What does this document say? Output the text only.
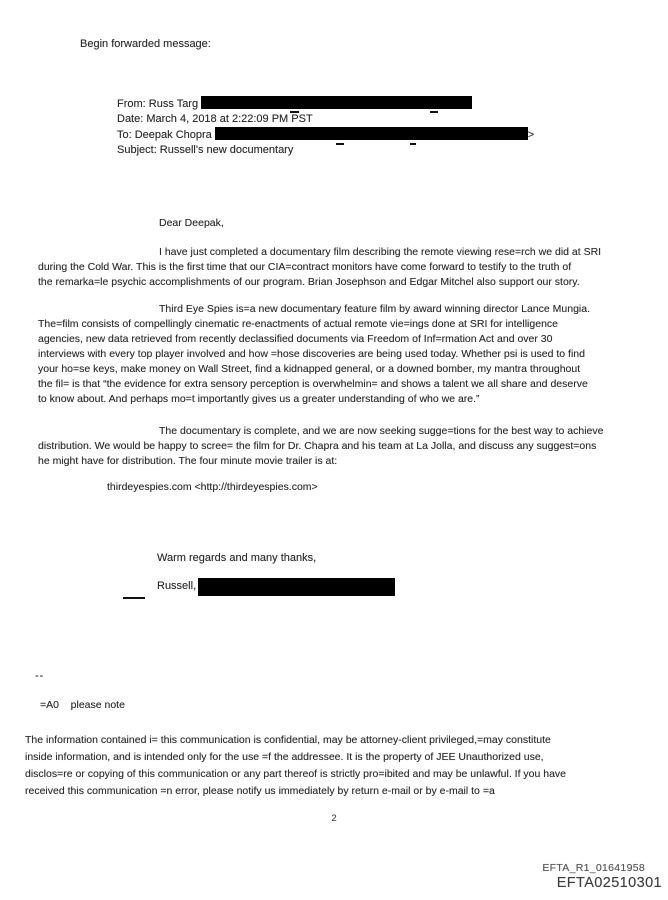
Begin forwarded message:
From: Russ Targ
Date: March 4, 2018 at 2:22:09 PM PST
To: Deepak Chopra	>
Subject: Russell's new documentary
Dear Deepak,
I have just completed a documentary film describing the remote viewing rese=rch we did at SRI
during the Cold War. This is the first time that our CIA=contract monitors have come forward to testify to the truth of
the remarka=le psychic accomplishments of our program. Brian Josephson and Edgar Mitchel also support our story.
Third Eye Spies is=a new documentary feature film by award winning director Lance Mungia.
The=film consists of compellingly cinematic re-enactments of actual remote vie=ings done at SRI for intelligence
agencies, new data retrieved from recently declassified documents via Freedom of Inf=rmation Act and over 30
interviews with every top player involved and how =hose discoveries are being used today. Whether psi is used to find
your ho=se keys, make money on Wall Street, find a kidnapped general, or a downed bomber, my mantra throughout
the fil= is that “the evidence for extra sensory perception is overwhelmin= and shows a talent we all share and deserve
to know about. And perhaps mo=t importantly gives us a greater understanding of who we are.”
The documentary is complete, and we are now seeking sugge=tions for the best way to achieve
distribution. We would be happy to scree= the film for Dr. Chapra and his team at La Jolla, and discuss any suggest=ons
he might have for distribution. The four minute movie trailer is at:
thirdeyespies.com <http://thirdeyespies.com>
Warm regards and many thanks,
Russell,
--
=A0    please note
The information contained i= this communication is confidential, may be attorney-client privileged,=may constitute
inside information, and is intended only for the use =f the addressee. It is the property of JEE Unauthorized use,
disclos=re or copying of this communication or any part thereof is strictly pro=ibited and may be unlawful. If you have
received this communication =n error, please notify us immediately by return e-mail or by e-mail to =a
2
EFTA_R1_01641958
EFTA02510301
